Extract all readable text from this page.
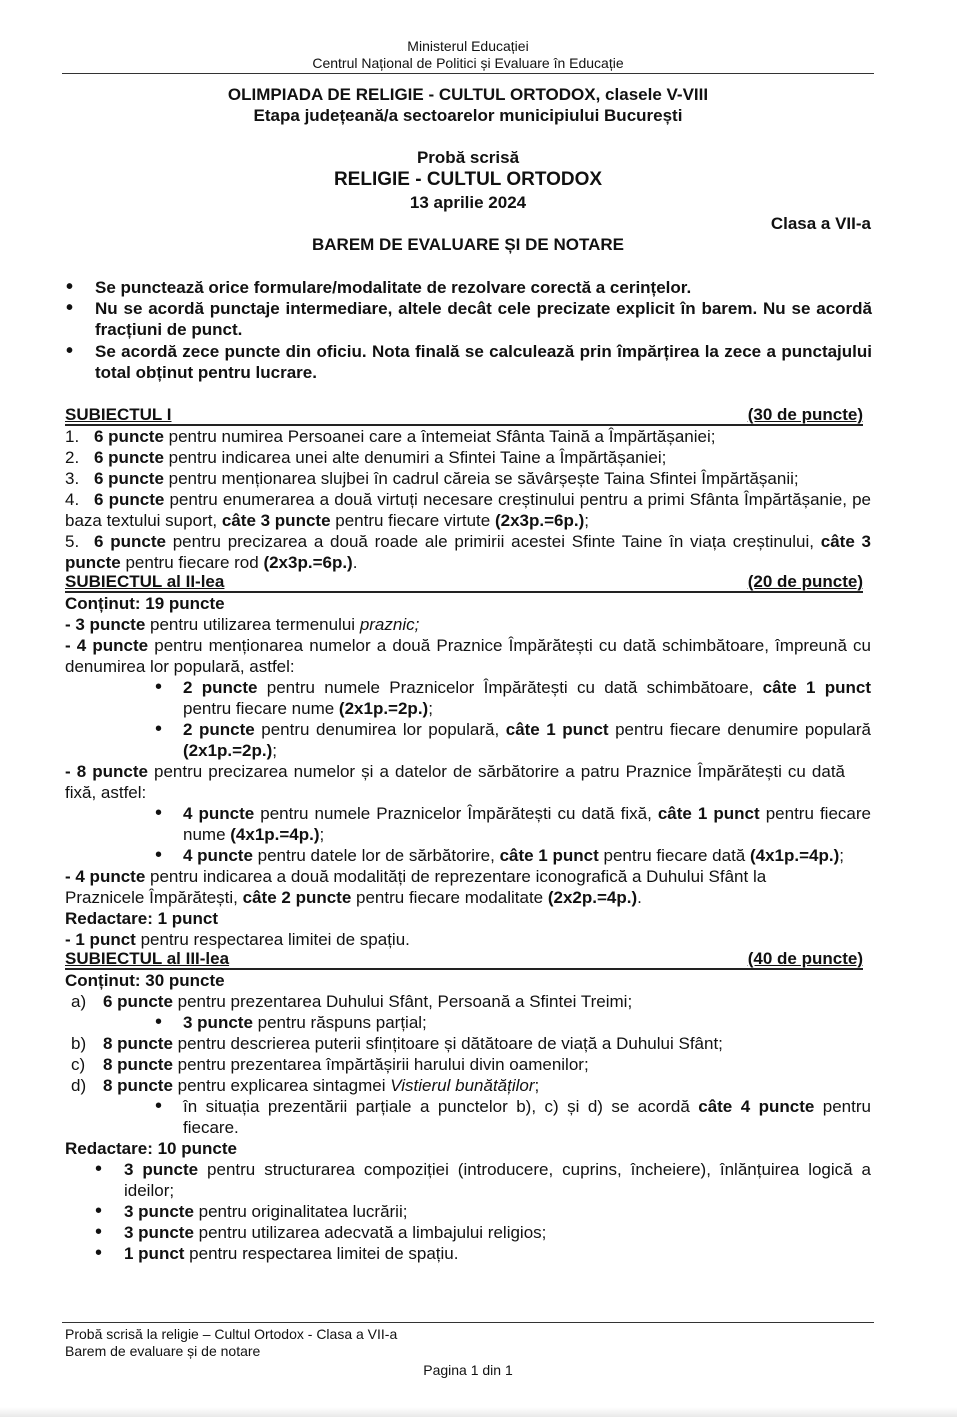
Ministerul Educației
Centrul Național de Politici și Evaluare în Educație
OLIMPIADA DE RELIGIE - CULTUL ORTODOX, clasele V-VIII
Etapa județeană/a sectoarelor municipiului București
Probă scrisă
RELIGIE - CULTUL ORTODOX
13 aprilie 2024
Clasa a VII-a
BAREM DE EVALUARE ȘI DE NOTARE
• Se punctează orice formulare/modalitate de rezolvare corectă a cerințelor.
• Nu se acordă punctaje intermediare, altele decât cele precizate explicit în barem. Nu se acordă fracțiuni de punct.
• Se acordă zece puncte din oficiu. Nota finală se calculează prin împărțirea la zece a punctajului total obținut pentru lucrare.
SUBIECTUL I	(30 de puncte)
1. 6 puncte pentru numirea Persoanei care a întemeiat Sfânta Taină a Împărtășaniei;
2. 6 puncte pentru indicarea unei alte denumiri a Sfintei Taine a Împărtășaniei;
3. 6 puncte pentru menționarea slujbei în cadrul căreia se săvârșește Taina Sfintei Împărtășanii;
4. 6 puncte pentru enumerarea a două virtuți necesare creștinului pentru a primi Sfânta Împărtășanie, pe baza textului suport, câte 3 puncte pentru fiecare virtute (2x3p.=6p.);
5. 6 puncte pentru precizarea a două roade ale primirii acestei Sfinte Taine în viața creștinului, câte 3 puncte pentru fiecare rod (2x3p.=6p.).
SUBIECTUL al II-lea	(20 de puncte)
Conținut: 19 puncte
- 3 puncte pentru utilizarea termenului praznic;
- 4 puncte pentru menționarea numelor a două Praznice Împărătești cu dată schimbătoare, împreună cu denumirea lor populară, astfel:
• 2 puncte pentru numele Praznicelor Împărătești cu dată schimbătoare, câte 1 punct pentru fiecare nume (2x1p.=2p.);
• 2 puncte pentru denumirea lor populară, câte 1 punct pentru fiecare denumire populară (2x1p.=2p.);
- 8 puncte pentru precizarea numelor și a datelor de sărbătorire a patru Praznice Împărătești cu dată fixă, astfel:
• 4 puncte pentru numele Praznicelor Împărătești cu dată fixă, câte 1 punct pentru fiecare nume (4x1p.=4p.);
• 4 puncte pentru datele lor de sărbătorire, câte 1 punct pentru fiecare dată (4x1p.=4p.);
- 4 puncte pentru indicarea a două modalități de reprezentare iconografică a Duhului Sfânt la Praznicele Împărătești, câte 2 puncte pentru fiecare modalitate (2x2p.=4p.).
Redactare: 1 punct
- 1 punct pentru respectarea limitei de spațiu.
SUBIECTUL al III-lea	(40 de puncte)
Conținut: 30 puncte
a) 6 puncte pentru prezentarea Duhului Sfânt, Persoană a Sfintei Treimi;
• 3 puncte pentru răspuns parțial;
b) 8 puncte pentru descrierea puterii sfințitoare și dătătoare de viață a Duhului Sfânt;
c) 8 puncte pentru prezentarea împărtășirii harului divin oamenilor;
d) 8 puncte pentru explicarea sintagmei Vistierul bunătăților;
• în situația prezentării parțiale a punctelor b), c) și d) se acordă câte 4 puncte pentru fiecare.
Redactare: 10 puncte
• 3 puncte pentru structurarea compoziției (introducere, cuprins, încheiere), înlănțuirea logică a ideilor;
• 3 puncte pentru originalitatea lucrării;
• 3 puncte pentru utilizarea adecvată a limbajului religios;
• 1 punct pentru respectarea limitei de spațiu.
Probă scrisă la religie – Cultul Ortodox - Clasa a VII-a
Barem de evaluare și de notare
Pagina 1 din 1
